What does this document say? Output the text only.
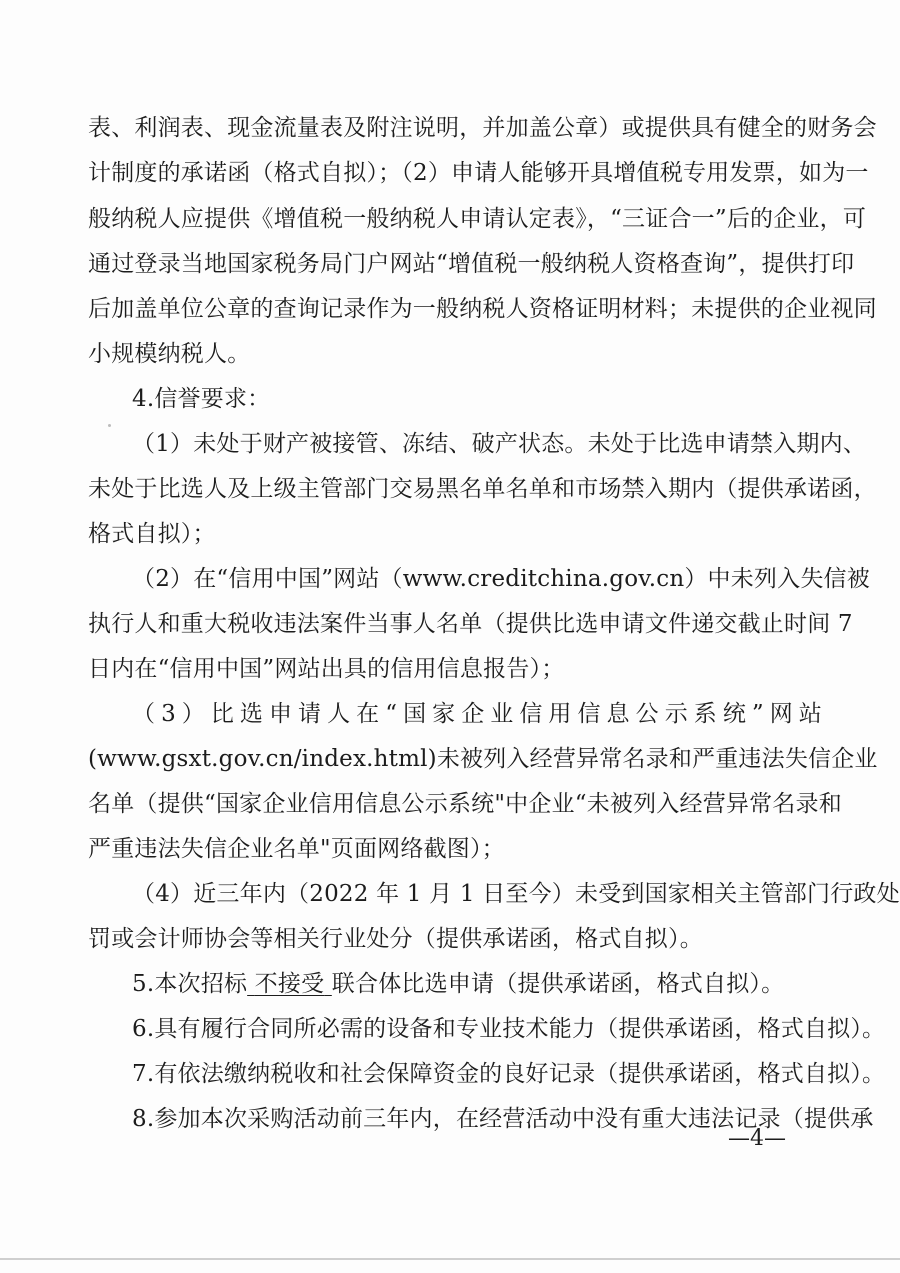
表、利润表、现金流量表及附注说明，并加盖公章）或提供具有健全的财务会
计制度的承诺函（格式自拟）；（2）申请人能够开具增值税专用发票，如为一
般纳税人应提供《增值税一般纳税人申请认定表》，“三证合一”后的企业，可
通过登录当地国家税务局门户网站“增值税一般纳税人资格查询”，提供打印
后加盖单位公章的查询记录作为一般纳税人资格证明材料；未提供的企业视同
小规模纳税人。
4.信誉要求：
（1）未处于财产被接管、冻结、破产状态。未处于比选申请禁入期内、
未处于比选人及上级主管部门交易黑名单名单和市场禁入期内（提供承诺函，
格式自拟）；
（2）在“信用中国”网站（www.creditchina.gov.cn）中未列入失信被
执行人和重大税收违法案件当事人名单（提供比选申请文件递交截止时间 7
日内在“信用中国”网站出具的信用信息报告）；
（3）比选申请人在“国家企业信用信息公示系统”网站
(www.gsxt.gov.cn/index.html)未被列入经营异常名录和严重违法失信企业
名单（提供“国家企业信用信息公示系统"中企业“未被列入经营异常名录和
严重违法失信企业名单"页面网络截图）；
（4）近三年内（2022 年 1 月 1 日至今）未受到国家相关主管部门行政处
罚或会计师协会等相关行业处分（提供承诺函，格式自拟）。
5.本次招标 不接受 联合体比选申请（提供承诺函，格式自拟）。
6.具有履行合同所必需的设备和专业技术能力（提供承诺函，格式自拟）。
7.有依法缴纳税收和社会保障资金的良好记录（提供承诺函，格式自拟）。
8.参加本次采购活动前三年内，在经营活动中没有重大违法记录（提供承
—4—
